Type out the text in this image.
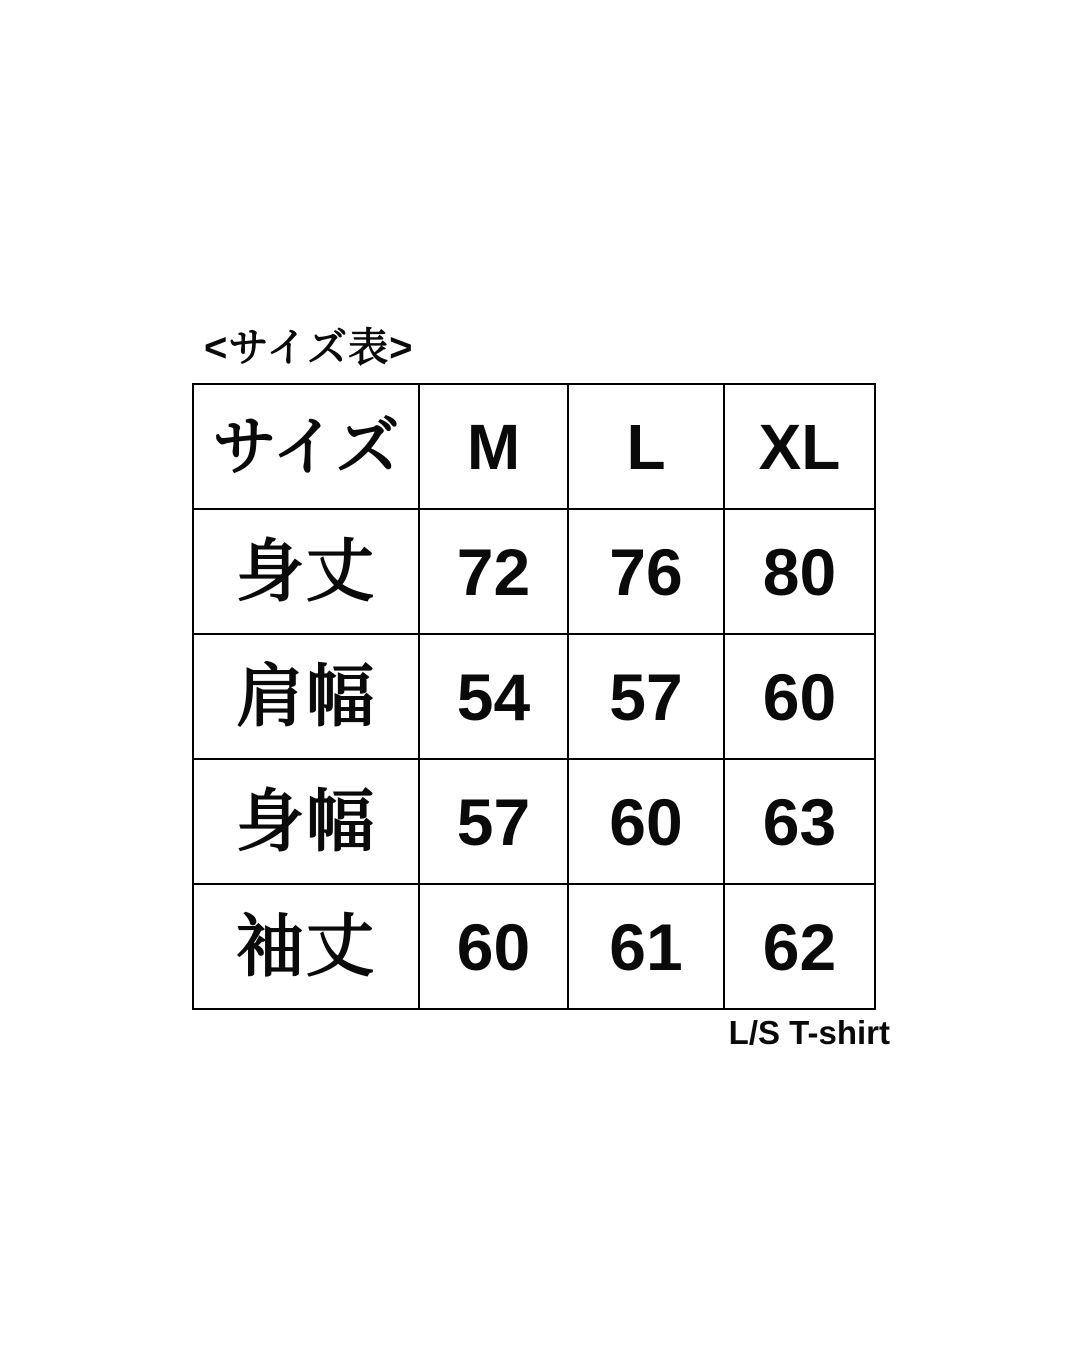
<サイズ表>
サイズ	M	L	XL
身丈	72	76	80
肩幅	54	57	60
身幅	57	60	63
袖丈	60	61	62
L/S T-shirt
